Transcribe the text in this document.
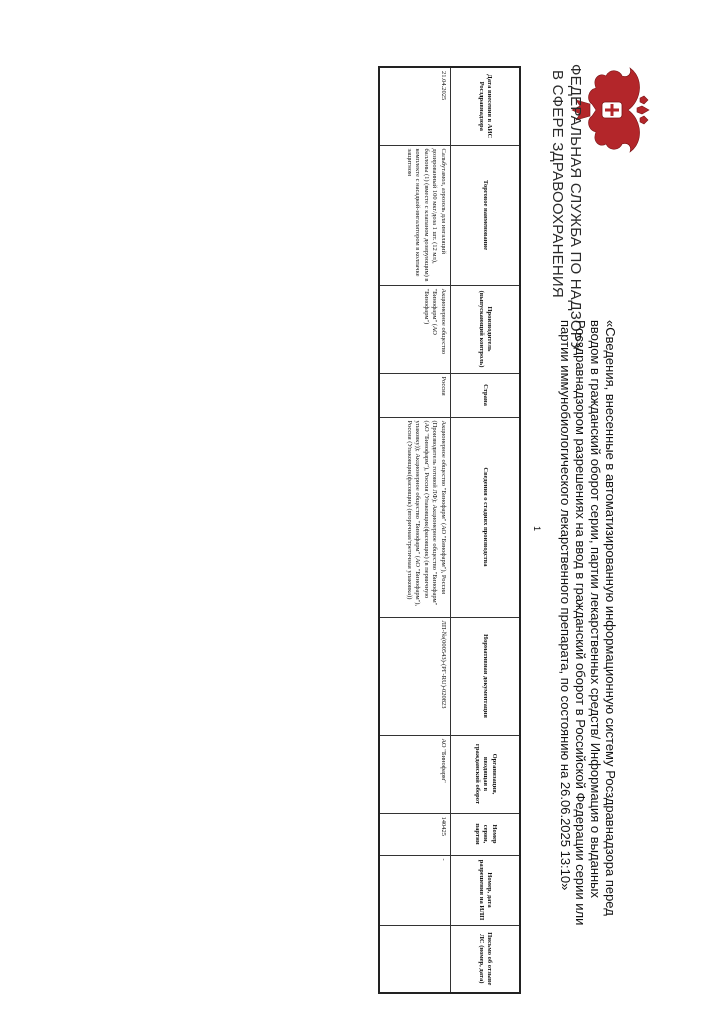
ФЕДЕРАЛЬНАЯ СЛУЖБА ПО НАДЗОРУ
В СФЕРЕ ЗДРАВООХРАНЕНИЯ

«Сведения, внесенные в автоматизированную информационную систему Росздравнадзора перед вводом в гражданский оборот серии, партии лекарственных средств/ Информация о выданных Росздравнадзором разрешениях на ввод в гражданский оборот в Российской Федерации серии или партии иммунобиологического лекарственного препарата, по состоянию на 26.06.2025 13:10»

Дата внесения в АИС Росздравнадзора	Торговое наименование	Производитель (выпускающий контроль)	Страна	Сведения о стадиях производства	Нормативная документация	Организация, вводящая в гражданский оборот	Номер серии, партии	Номер, дата разрешения на ИЛП	Письмо об отзыве ЛС (номер, дата)
21.04.2025	Сальбутамол, аэрозоль для ингаляций дозированный 100 мкг/доза 1 шт. (12 мл), баллоны (1) (вместе с клапаном дозирующим) в комплекте с насадкой-ингалятором в колпачке защитном	Акционерное общество "Бинофарм" (АО "Бинофарм")	Россия	Акционерное общество "Бинофарм" (АО "Бинофарм"), Россия (Производитель готовой ЛФ); Акционерное общество "Бинофарм" (АО "Бинофарм"), Россия (Упаковщик(фасовщик) (в первичную упаковку)); Акционерное общество "Бинофарм" (АО "Бинофарм"), Россия (Упаковщик(фасовщик) (вторичная/третичная упаковка))	ЛП-№(000543)-(РГ-RU)-020823	АО "Бинофарм"	140425	-	
1
